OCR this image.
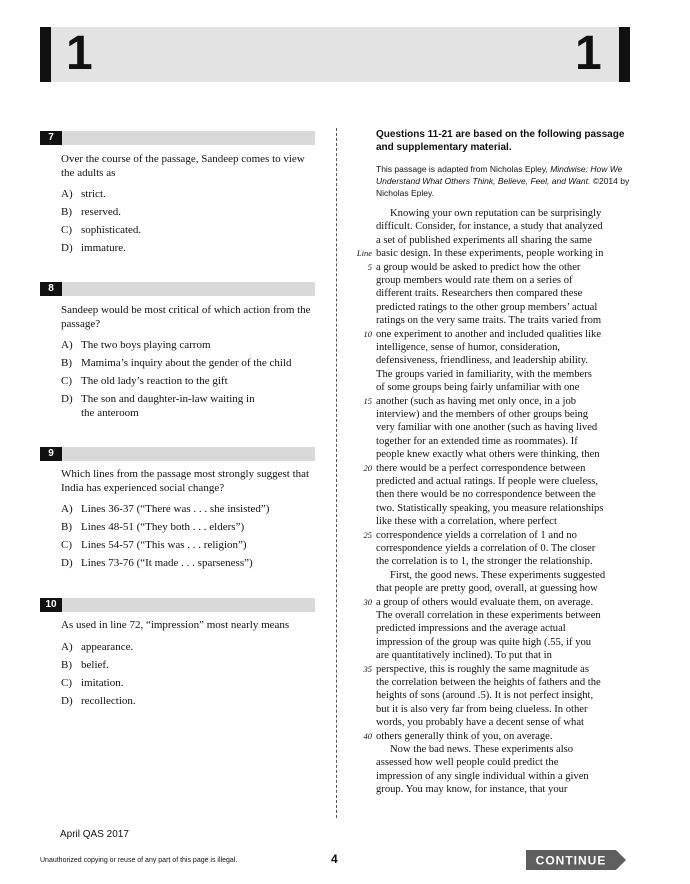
1	1
7
Over the course of the passage, Sandeep comes to view the adults as
A) strict.
B) reserved.
C) sophisticated.
D) immature.
8
Sandeep would be most critical of which action from the passage?
A) The two boys playing carrom
B) Mamima’s inquiry about the gender of the child
C) The old lady’s reaction to the gift
D) The son and daughter-in-law waiting in
the anteroom
9
Which lines from the passage most strongly suggest that India has experienced social change?
A) Lines 36-37 (“There was . . . she insisted”)
B) Lines 48-51 (“They both . . . elders”)
C) Lines 54-57 (“This was . . . religion”)
D) Lines 73-76 (“It made . . . sparseness”)
10
As used in line 72, “impression” most nearly means
A) appearance.
B) belief.
C) imitation.
D) recollection.
Questions 11-21 are based on the following passage and supplementary material.
This passage is adapted from Nicholas Epley, Mindwise: How We Understand What Others Think, Believe, Feel, and Want. ©2014 by Nicholas Epley.
Knowing your own reputation can be surprisingly
difficult. Consider, for instance, a study that analyzed
a set of published experiments all sharing the same
basic design. In these experiments, people working in
a group would be asked to predict how the other
group members would rate them on a series of
different traits. Researchers then compared these
predicted ratings to the other group members’ actual
ratings on the very same traits. The traits varied from
one experiment to another and included qualities like
intelligence, sense of humor, consideration,
defensiveness, friendliness, and leadership ability.
The groups varied in familiarity, with the members
of some groups being fairly unfamiliar with one
another (such as having met only once, in a job
interview) and the members of other groups being
very familiar with one another (such as having lived
together for an extended time as roommates). If
people knew exactly what others were thinking, then
there would be a perfect correspondence between
predicted and actual ratings. If people were clueless,
then there would be no correspondence between the
two. Statistically speaking, you measure relationships
like these with a correlation, where perfect
correspondence yields a correlation of 1 and no
correspondence yields a correlation of 0. The closer
the correlation is to 1, the stronger the relationship.
First, the good news. These experiments suggested
that people are pretty good, overall, at guessing how
a group of others would evaluate them, on average.
The overall correlation in these experiments between
predicted impressions and the average actual
impression of the group was quite high (.55, if you
are quantitatively inclined). To put that in
perspective, this is roughly the same magnitude as
the correlation between the heights of fathers and the
heights of sons (around .5). It is not perfect insight,
but it is also very far from being clueless. In other
words, you probably have a decent sense of what
others generally think of you, on average.
Now the bad news. These experiments also
assessed how well people could predict the
impression of any single individual within a given
group. You may know, for instance, that your
Line
5
10
15
20
25
30
35
40
April QAS 2017
Unauthorized copying or reuse of any part of this page is illegal.	4	CONTINUE
